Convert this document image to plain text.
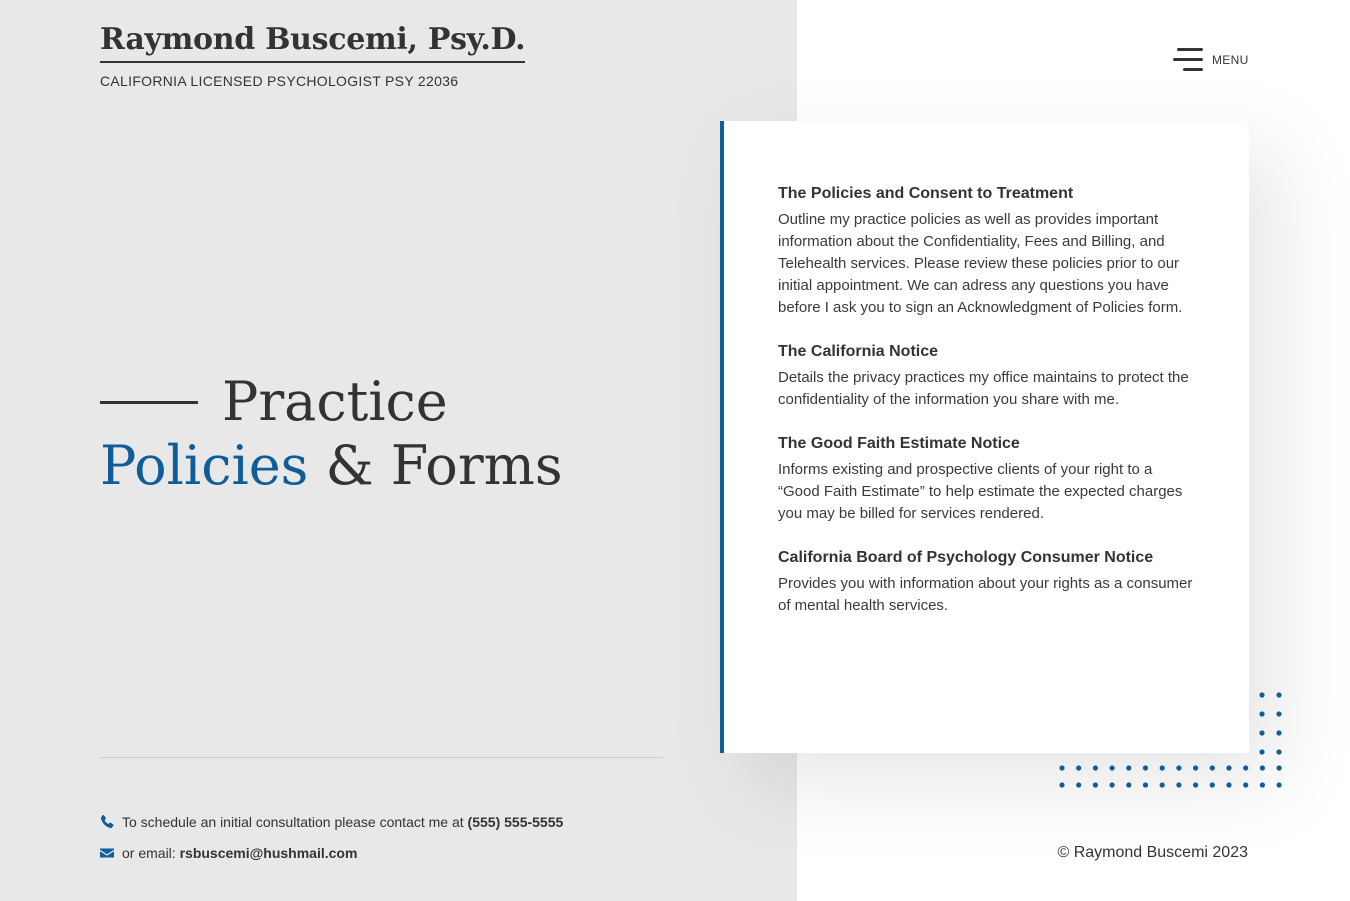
Raymond Buscemi, Psy.D.
CALIFORNIA LICENSED PSYCHOLOGIST PSY 22036
MENU
Practice
Policies & Forms
The Policies and Consent to Treatment
Outline my practice policies as well as provides important information about the Confidentiality, Fees and Billing, and Telehealth services. Please review these policies prior to our initial appointment. We can adress any questions you have before I ask you to sign an Acknowledgment of Policies form.
The California Notice
Details the privacy practices my office maintains to protect the confidentiality of the information you share with me.
The Good Faith Estimate Notice
Informs existing and prospective clients of your right to a “Good Faith Estimate” to help estimate the expected charges you may be billed for services rendered.
California Board of Psychology Consumer Notice
Provides you with information about your rights as a consumer of mental health services.
To schedule an initial consultation please contact me at
(555) 555-5555
or email:
rsbuscemi@hushmail.com	© Raymond Buscemi 2023
